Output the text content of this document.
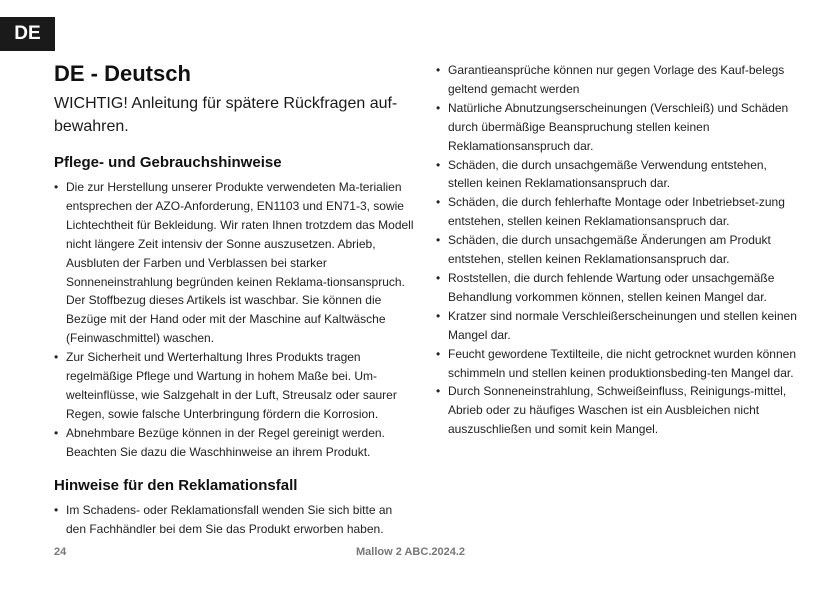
DE
DE - Deutsch

WICHTIG! Anleitung für spätere Rückfragen auf-bewahren.

Pflege- und Gebrauchshinweise
• Die zur Herstellung unserer Produkte verwendeten Ma-terialien entsprechen der AZO-Anforderung, EN1103 und EN71-3, sowie Lichtechtheit für Bekleidung. Wir raten Ihnen trotzdem das Modell nicht längere Zeit intensiv der Sonne auszusetzen. Abrieb, Ausbluten der Farben und Verblassen bei starker Sonneneinstrahlung begründen keinen Reklama-tionsanspruch. Der Stoffbezug dieses Artikels ist waschbar. Sie können die Bezüge mit der Hand oder mit der Maschine auf Kaltwäsche (Feinwaschmittel) waschen.
• Zur Sicherheit und Werterhaltung Ihres Produkts tragen regelmäßige Pflege und Wartung in hohem Maße bei. Um-welteinflüsse, wie Salzgehalt in der Luft, Streusalz oder saurer Regen, sowie falsche Unterbringung fördern die Korrosion.
• Abnehmbare Bezüge können in der Regel gereinigt werden. Beachten Sie dazu die Waschhinweise an ihrem Produkt.
Hinweise für den Reklamationsfall
• Im Schadens- oder Reklamationsfall wenden Sie sich bitte an den Fachhändler bei dem Sie das Produkt erworben haben.
• Garantieansprüche können nur gegen Vorlage des Kauf-belegs geltend gemacht werden
• Natürliche Abnutzungserscheinungen (Verschleiß) und Schäden durch übermäßige Beanspruchung stellen keinen Reklamationsanspruch dar.
• Schäden, die durch unsachgemäße Verwendung entstehen, stellen keinen Reklamationsanspruch dar.
• Schäden, die durch fehlerhafte Montage oder Inbetriebset-zung entstehen, stellen keinen Reklamationsanspruch dar.
• Schäden, die durch unsachgemäße Änderungen am Produkt entstehen, stellen keinen Reklamationsanspruch dar.
• Roststellen, die durch fehlende Wartung oder unsachgemäße Behandlung vorkommen können, stellen keinen Mangel dar.
• Kratzer sind normale Verschleißerscheinungen und stellen keinen Mangel dar.
• Feucht gewordene Textilteile, die nicht getrocknet wurden können schimmeln und stellen keinen produktionsbeding-ten Mangel dar.
• Durch Sonneneinstrahlung, Schweißeinfluss, Reinigungs-mittel, Abrieb oder zu häufiges Waschen ist ein Ausbleichen nicht auszuschließen und somit kein Mangel.
24	Mallow 2 ABC.2024.2
